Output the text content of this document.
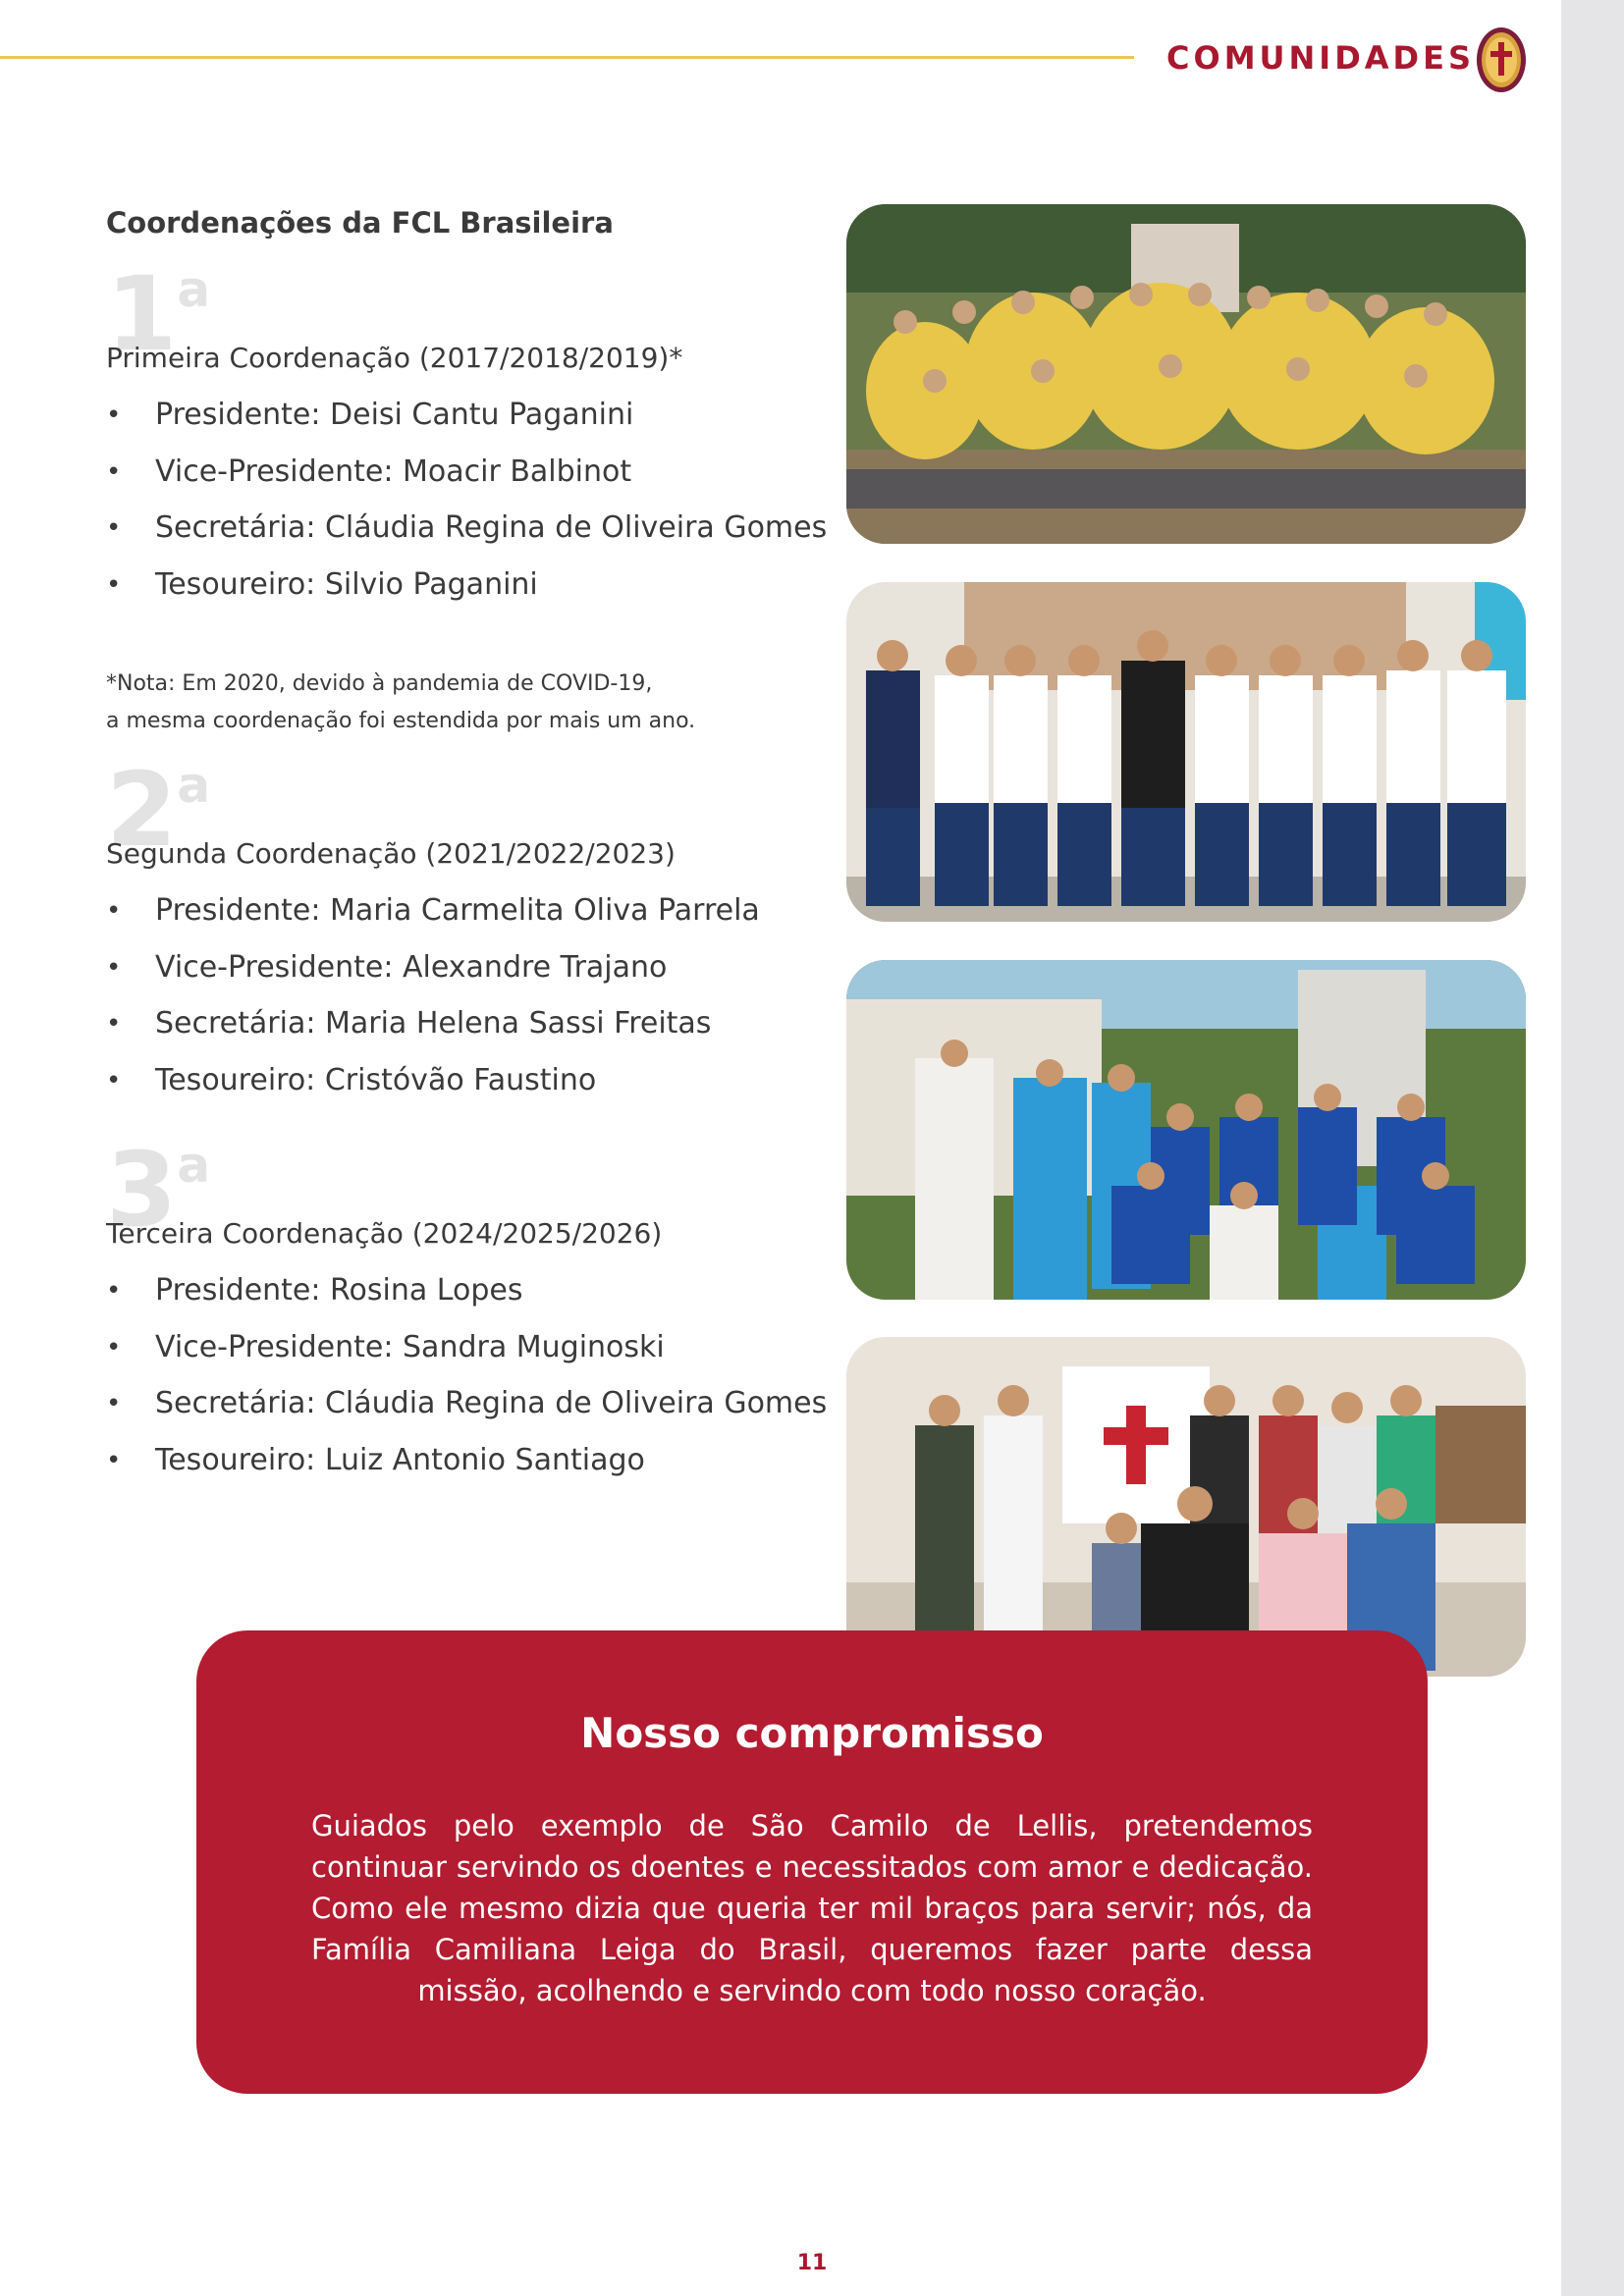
COMUNIDADES
Coordenações da FCL Brasileira
1$^a$
Primeira Coordenação (2017/2018/2019)*
• Presidente: Deisi Cantu Paganini
• Vice-Presidente: Moacir Balbinot
• Secretária: Cláudia Regina de Oliveira Gomes
• Tesoureiro: Silvio Paganini
*Nota: Em 2020, devido à pandemia de COVID-19,
a mesma coordenação foi estendida por mais um ano.
2$^a$
Segunda Coordenação (2021/2022/2023)
• Presidente: Maria Carmelita Oliva Parrela
• Vice-Presidente: Alexandre Trajano
• Secretária: Maria Helena Sassi Freitas
• Tesoureiro: Cristóvão Faustino
3$^a$
Terceira Coordenação (2024/2025/2026)
• Presidente: Rosina Lopes
• Vice-Presidente: Sandra Muginoski
• Secretária: Cláudia Regina de Oliveira Gomes
• Tesoureiro: Luiz Antonio Santiago
Nosso compromisso
Guiados pelo exemplo de São Camilo de Lellis, pretendemos continuar servindo os doentes e necessitados com amor e dedicação. Como ele mesmo dizia que queria ter mil braços para servir; nós, da Família Camiliana Leiga do Brasil, queremos fazer parte dessa missão, acolhendo e servindo com todo nosso coração.
11
